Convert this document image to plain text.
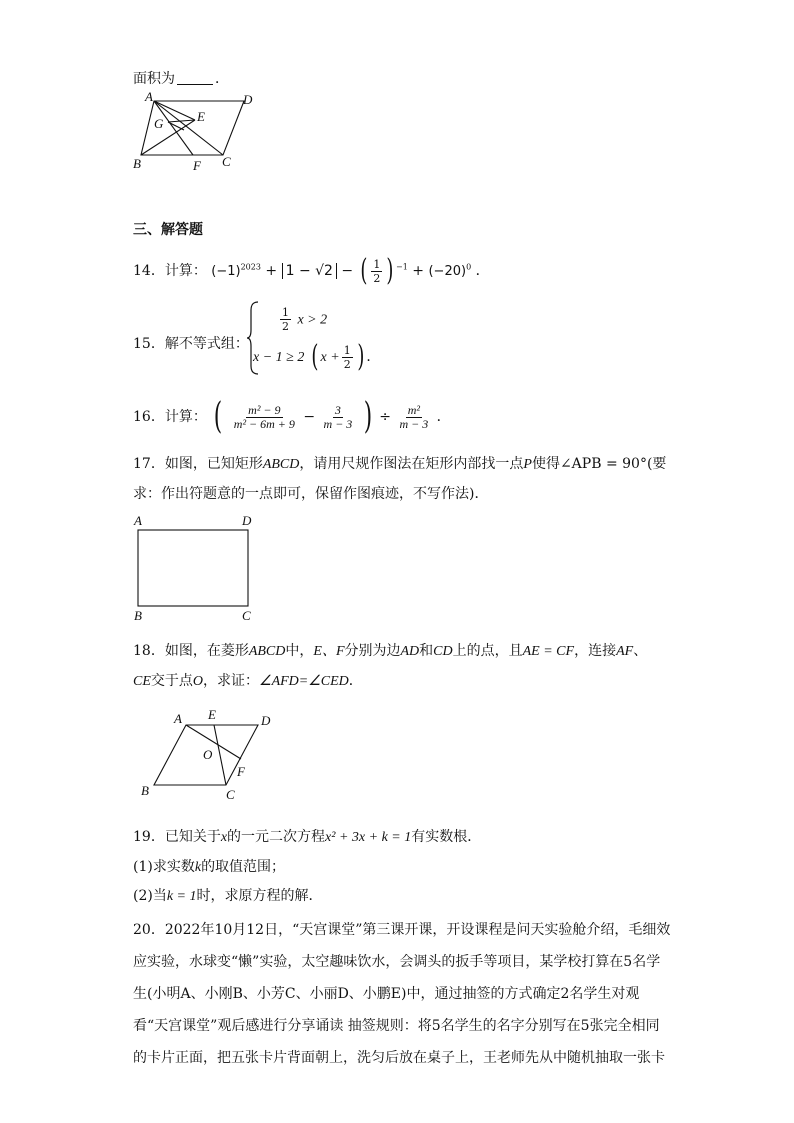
面积为	．
A	D
G	E
B	F C
三、解答题
14．计算： $(-1)^{2023} + 1 - √2$ − ( $\frac{1}{2}$ ) $^{-1} + (-20)^0$ ．
15．解不等式组：
$\frac{1}{2}$ x > 2
x − 1 ≥ 2 ( $x + \frac{1}{2}$ ) ．
16．计算： ( $\frac{\text{m² − 9}}{\text{m² − 6m + 9}} - \frac{3}{m - 3}$ ) ÷ $\frac{\text{m²}}{m - 3}$ ．
17．如图，已知矩形ABCD，请用尺规作图法在矩形内部找一点P使得∠APB = 90°(要
求：作出符题意的一点即可，保留作图痕迹，不写作法)．
A	D
B	C
18．如图，在菱形ABCD中，E、F分别为边AD和CD上的点，且AE = CF，连接AF、
CE交于点O，求证：∠AFD=∠CED．
A E	D
O
F
B	C
19．已知关于x的一元二次方程x² + 3x + k = 1有实数根．
(1)求实数k的取值范围；
(2)当k = 1时，求原方程的解．
20．2022年10月12日，“天宫课堂”第三课开课，开设课程是问天实验舱介绍，毛细效
应实验，水球变“懒”实验，太空趣味饮水，会调头的扳手等项目，某学校打算在5名学
生(小明A、小刚B、小芳C、小丽D、小鹏E)中，通过抽签的方式确定2名学生对观
看“天宫课堂”观后感进行分享诵读 抽签规则：将5名学生的名字分别写在5张完全相同
的卡片正面，把五张卡片背面朝上，洗匀后放在桌子上，王老师先从中随机抽取一张卡
